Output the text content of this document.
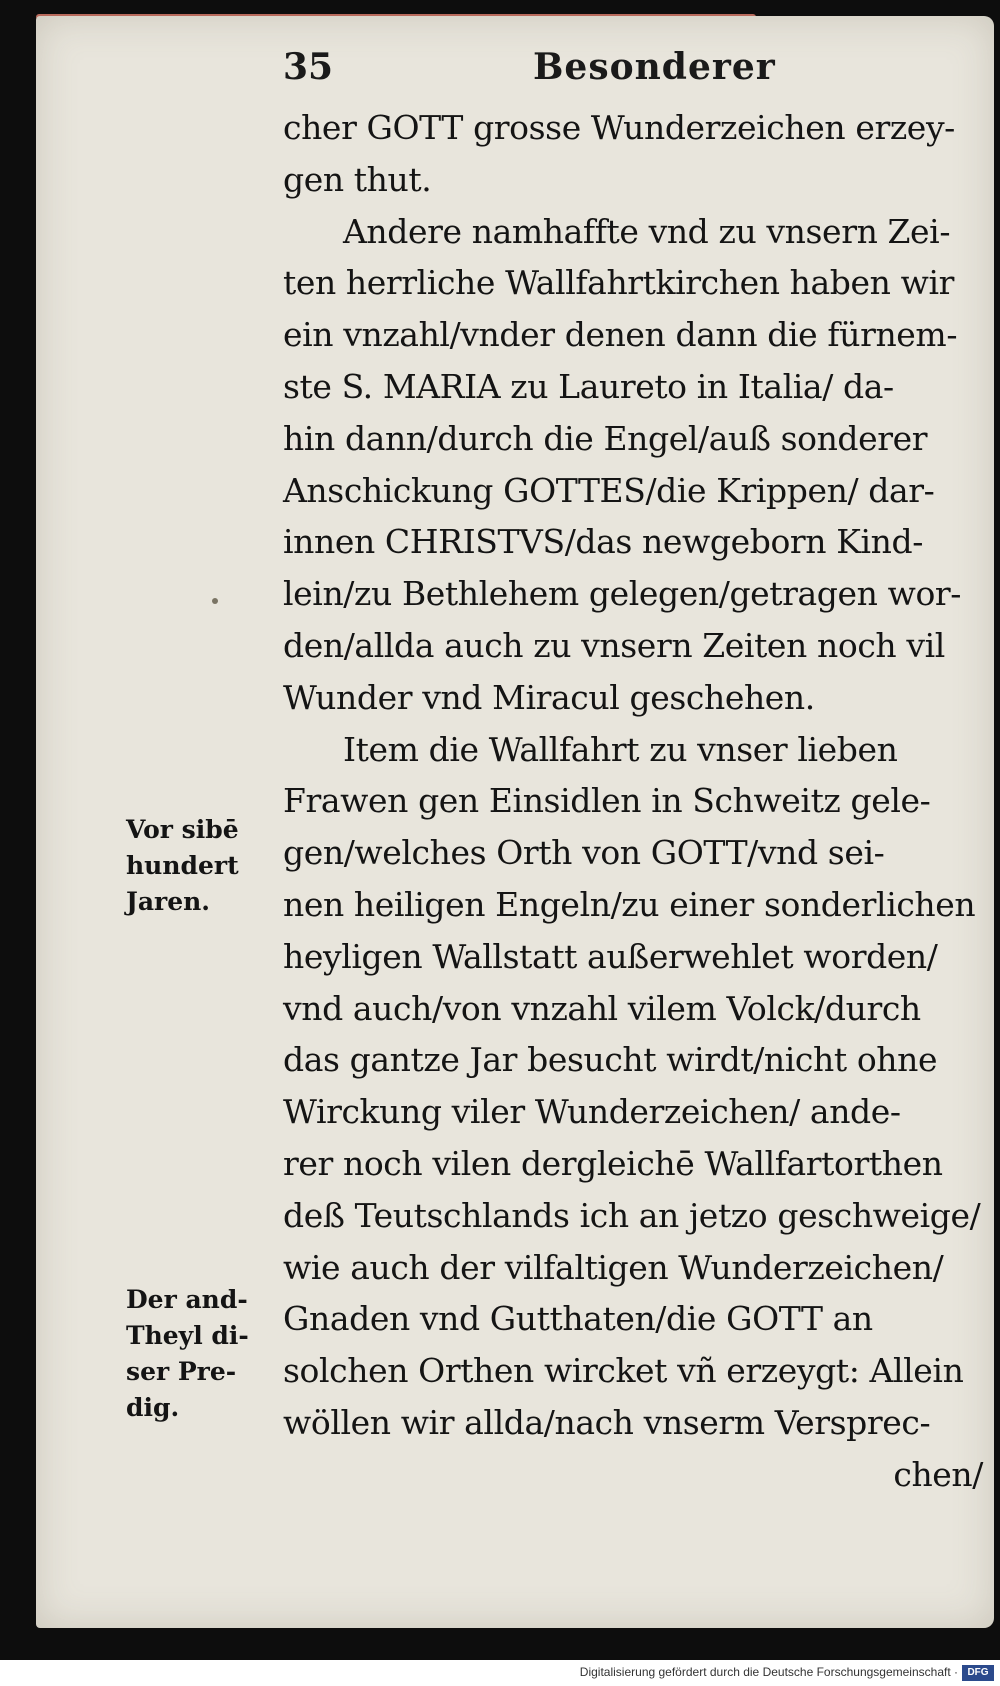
35	Besonderer
cher GOTT grosse Wunderzeichen erzey-
gen thut.
Andere namhaffte vnd zu vnsern Zei-
ten herrliche Wallfahrtkirchen haben wir
ein vnzahl/vnder denen dann die fürnem-
ste S. MARIA zu Laureto in Italia/ da-
hin dann/durch die Engel/auß sonderer
Anschickung GOTTES/die Krippen/ dar-
innen CHRISTVS/das newgeborn Kind-
lein/zu Bethlehem gelegen/getragen wor-
den/allda auch zu vnsern Zeiten noch vil
Wunder vnd Miracul geschehen.
Item die Wallfahrt zu vnser lieben
Frawen gen Einsidlen in Schweitz gele-
gen/welches Orth von GOTT/vnd sei-
nen heiligen Engeln/zu einer sonderlichen
heyligen Wallstatt außerwehlet worden/
vnd auch/von vnzahl vilem Volck/durch
das gantze Jar besucht wirdt/nicht ohne
Wirckung viler Wunderzeichen/ ande-
rer noch vilen dergleichē Wallfartorthen
deß Teutschlands ich an jetzo geschweige/
wie auch der vilfaltigen Wunderzeichen/
Gnaden vnd Gutthaten/die GOTT an
solchen Orthen wircket vñ erzeygt: Allein
wöllen wir allda/nach vnserm Versprec-
chen/
Vor sibē
hundert
Jaren.
Der and-
Theyl di-
ser Pre-
dig.
Digitalisierung gefördert durch die Deutsche Forschungsgemeinschaft · DFG
